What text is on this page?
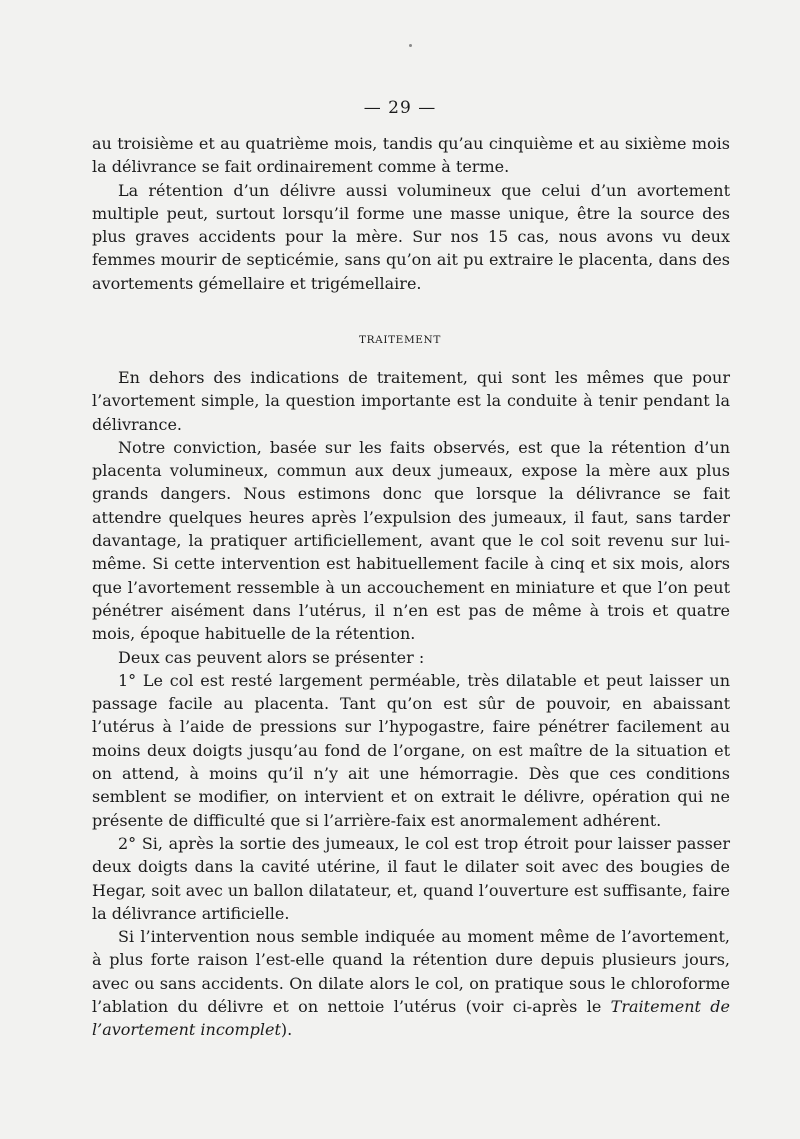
— 29 —

au troisième et au quatrième mois, tandis qu’au cinquième et au sixième mois la délivrance se fait ordinairement comme à terme.

La rétention d’un délivre aussi volumineux que celui d’un avortement multiple peut, surtout lorsqu’il forme une masse unique, être la source des plus graves accidents pour la mère. Sur nos 15 cas, nous avons vu deux femmes mourir de septicémie, sans qu’on ait pu extraire le placenta, dans des avortements gémellaire et trigémellaire.

TRAITEMENT

En dehors des indications de traitement, qui sont les mêmes que pour l’avortement simple, la question importante est la conduite à tenir pendant la délivrance.

Notre conviction, basée sur les faits observés, est que la rétention d’un placenta volumineux, commun aux deux jumeaux, expose la mère aux plus grands dangers. Nous estimons donc que lorsque la délivrance se fait attendre quelques heures après l’expulsion des jumeaux, il faut, sans tarder davantage, la pratiquer artificiellement, avant que le col soit revenu sur lui-même. Si cette intervention est habituellement facile à cinq et six mois, alors que l’avortement ressemble à un accouchement en miniature et que l’on peut pénétrer aisément dans l’utérus, il n’en est pas de même à trois et quatre mois, époque habituelle de la rétention.

Deux cas peuvent alors se présenter :

1° Le col est resté largement perméable, très dilatable et peut laisser un passage facile au placenta. Tant qu’on est sûr de pouvoir, en abaissant l’utérus à l’aide de pressions sur l’hypogastre, faire pénétrer facilement au moins deux doigts jusqu’au fond de l’organe, on est maître de la situation et on attend, à moins qu’il n’y ait une hémorragie. Dès que ces conditions semblent se modifier, on intervient et on extrait le délivre, opération qui ne présente de difficulté que si l’arrière-faix est anormalement adhérent.

2° Si, après la sortie des jumeaux, le col est trop étroit pour laisser passer deux doigts dans la cavité utérine, il faut le dilater soit avec des bougies de Hegar, soit avec un ballon dilatateur, et, quand l’ouverture est suffisante, faire la délivrance artificielle.

Si l’intervention nous semble indiquée au moment même de l’avortement, à plus forte raison l’est-elle quand la rétention dure depuis plusieurs jours, avec ou sans accidents. On dilate alors le col, on pratique sous le chloroforme l’ablation du délivre et on nettoie l’utérus (voir ci-après le Traitement de l’avortement incomplet).
